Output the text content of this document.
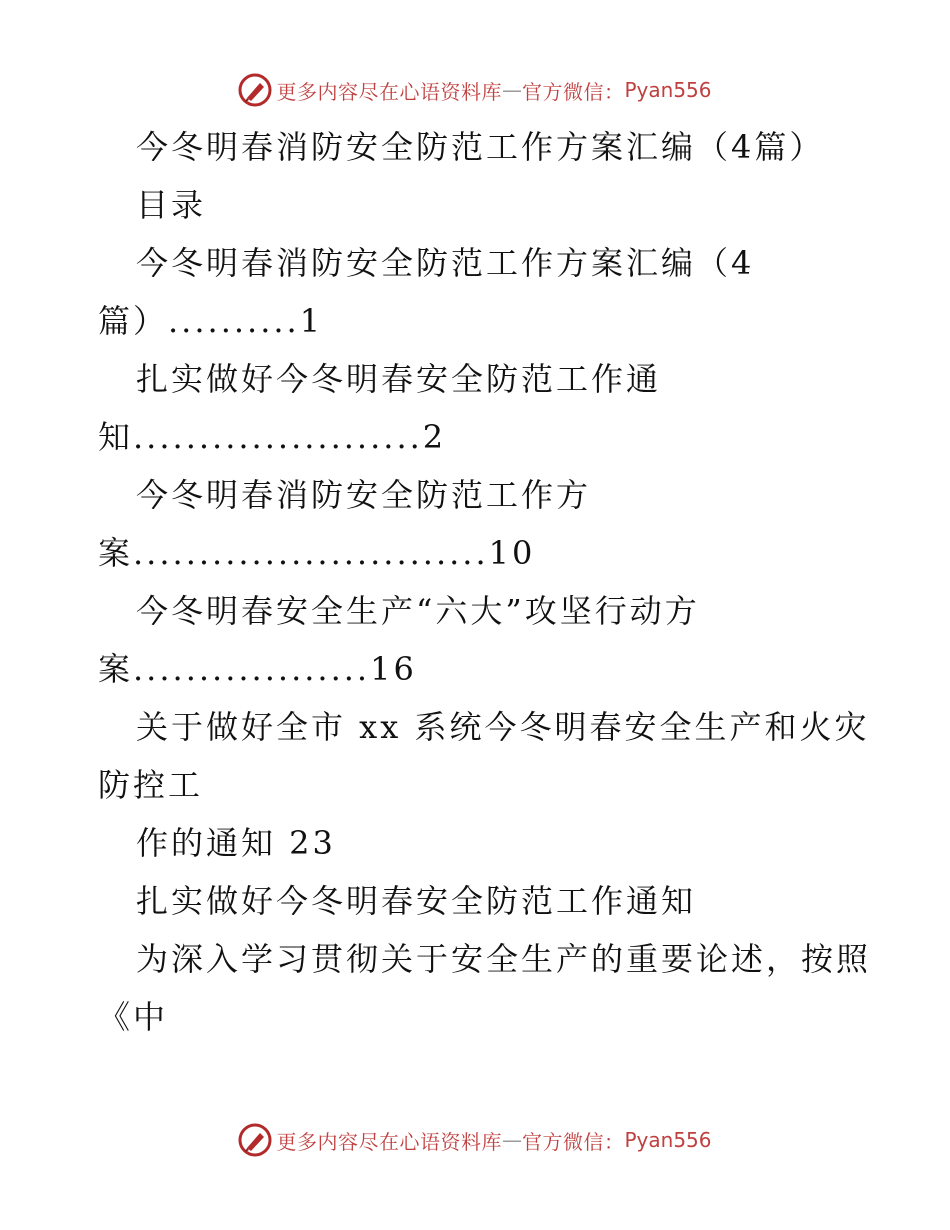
更多内容尽在心语资料库 — 官方微信： Pyan556
今冬明春消防安全防范工作方案汇编（4篇）
目录
今冬明春消防安全防范工作方案汇编（4
篇）..........1
扎实做好今冬明春安全防范工作通
知......................2
今冬明春消防安全防范工作方
案...........................10
今冬明春安全生产“六大”攻坚行动方
案..................16
关于做好全市 xx 系统今冬明春安全生产和火灾
防控工
作的通知 23
扎实做好今冬明春安全防范工作通知
为深入学习贯彻关于安全生产的重要论述，按照
《中
更多内容尽在心语资料库 — 官方微信： Pyan556
